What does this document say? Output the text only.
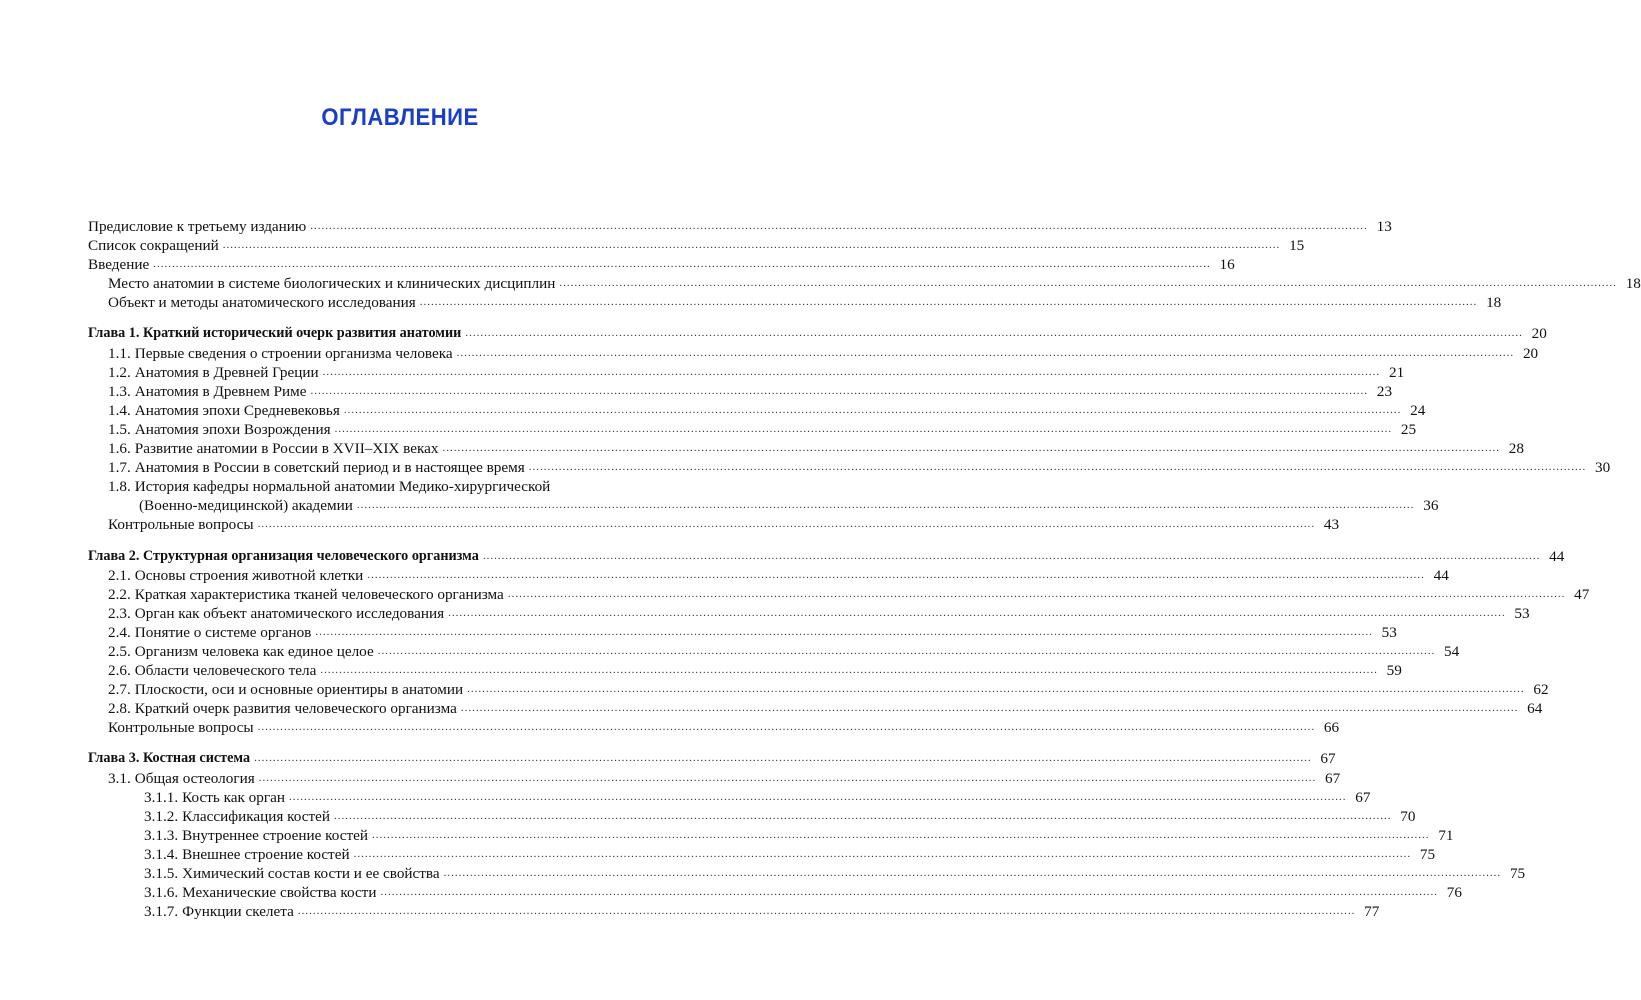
ОГЛАВЛЕНИЕ
Предисловие к третьему изданию .....	13
Список сокращений .....	15
Введение .....	16
Место анатомии в системе биологических и клинических дисциплин .....	18
Объект и методы анатомического исследования .....	18
Глава 1. Краткий исторический очерк развития анатомии .....	20
1.1. Первые сведения о строении организма человека .....	20
1.2. Анатомия в Древней Греции .....	21
1.3. Анатомия в Древнем Риме .....	23
1.4. Анатомия эпохи Средневековья .....	24
1.5. Анатомия эпохи Возрождения .....	25
1.6. Развитие анатомии в России в XVII–XIX веках .....	28
1.7. Анатомия в России в советский период и в настоящее время .....	30
1.8. История кафедры нормальной анатомии Медико-хирургической
(Военно-медицинской) академии .....	36
Контрольные вопросы .....	43
Глава 2. Структурная организация человеческого организма .....	44
2.1. Основы строения животной клетки .....	44
2.2. Краткая характеристика тканей человеческого организма .....	47
2.3. Орган как объект анатомического исследования .....	53
2.4. Понятие о системе органов .....	53
2.5. Организм человека как единое целое .....	54
2.6. Области человеческого тела .....	59
2.7. Плоскости, оси и основные ориентиры в анатомии .....	62
2.8. Краткий очерк развития человеческого организма .....	64
Контрольные вопросы .....	66
Глава 3. Костная система .....	67
3.1. Общая остеология .....	67
3.1.1. Кость как орган .....	67
3.1.2. Классификация костей .....	70
3.1.3. Внутреннее строение костей .....	71
3.1.4. Внешнее строение костей .....	75
3.1.5. Химический состав кости и ее свойства .....	75
3.1.6. Механические свойства кости .....	76
3.1.7. Функции скелета .....	77
